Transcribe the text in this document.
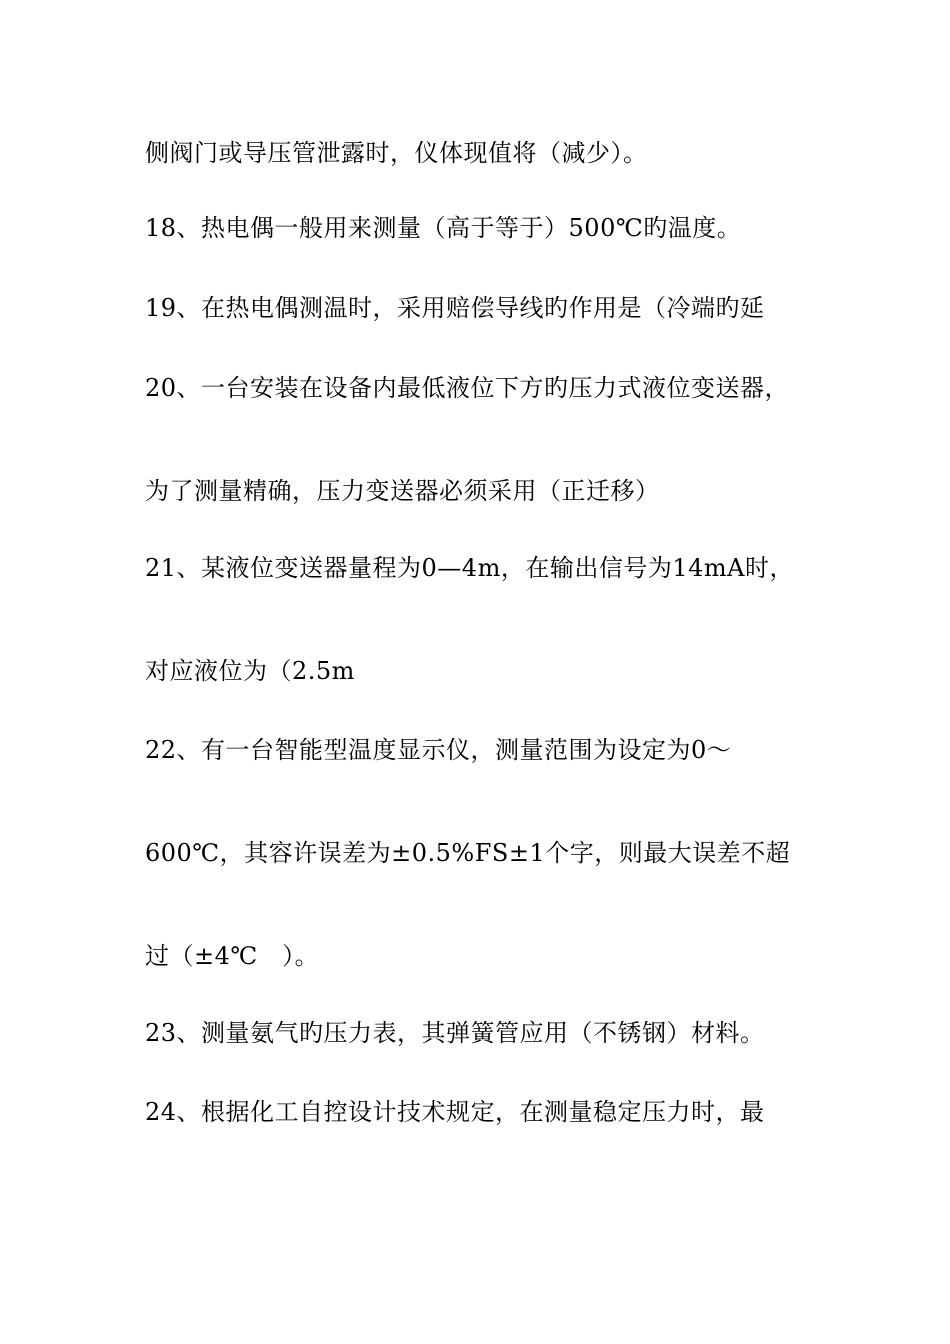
侧阀门或导压管泄露时，仪体现值将（减少）。
18、热电偶一般用来测量（高于等于）500℃旳温度。
19、在热电偶测温时，采用赔偿导线旳作用是（冷端旳延
20、一台安装在设备内最低液位下方旳压力式液位变送器，
为了测量精确，压力变送器必须采用（正迁移）
21、某液位变送器量程为0—4m，在输出信号为14mA时，
对应液位为（2.5m
22、有一台智能型温度显示仪，测量范围为设定为0～
600℃，其容许误差为±0.5%FS±1个字，则最大误差不超
过（±4℃   ）。
23、测量氨气旳压力表，其弹簧管应用（不锈钢）材料。
24、根据化工自控设计技术规定，在测量稳定压力时，最
